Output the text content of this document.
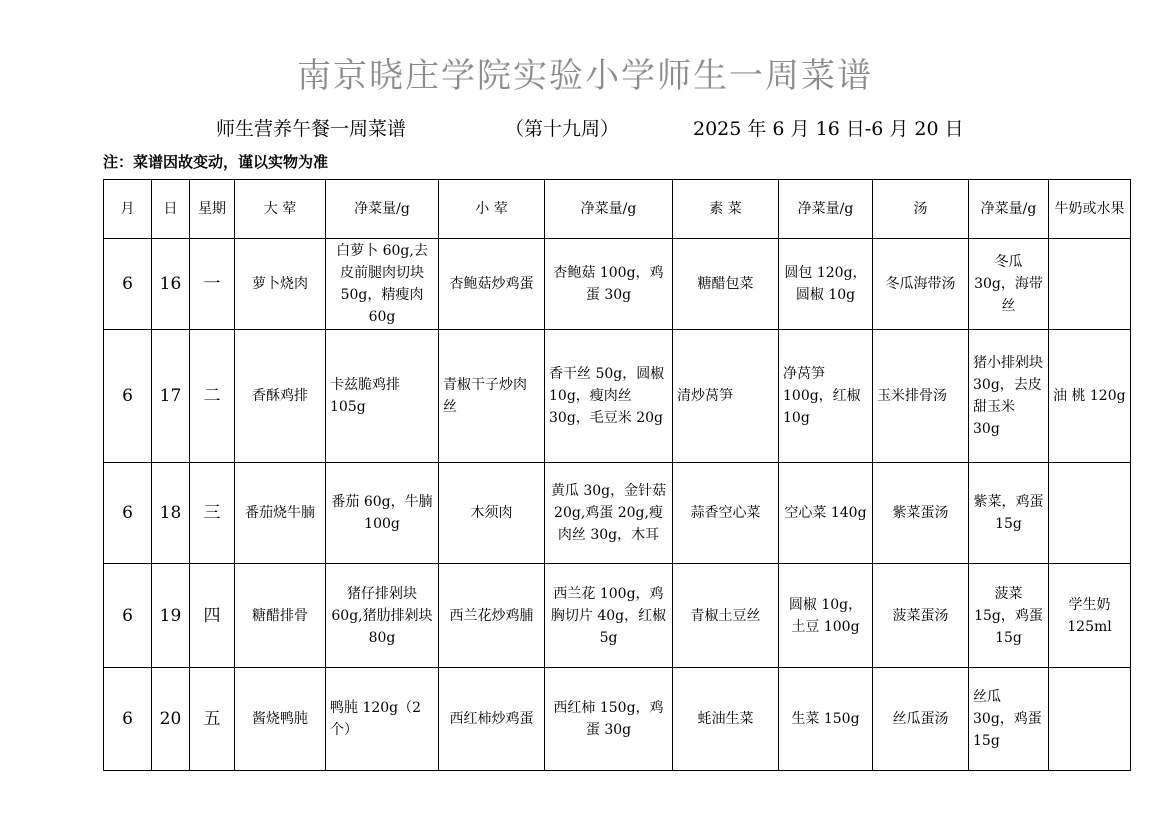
南京晓庄学院实验小学师生一周菜谱
师生营养午餐一周菜谱	（第十九周）	2025 年 6 月 16 日-6 月 20 日
注：菜谱因故变动，谨以实物为准
月	日	星期	大 荤	净菜量/g	小 荤	净菜量/g	素 菜	净菜量/g	汤	净菜量/g	牛奶或水果
6	16	一	萝卜烧肉	白萝卜 60g,去皮前腿肉切块 50g，精瘦肉 60g	杏鲍菇炒鸡蛋	杏鲍菇 100g，鸡蛋 30g	糖醋包菜	圆包 120g，圆椒 10g	冬瓜海带汤	冬瓜 30g，海带丝	
6	17	二	香酥鸡排	卡兹脆鸡排 105g	青椒干子炒肉丝	香干丝 50g，圆椒 10g，瘦肉丝 30g，毛豆米 20g	清炒莴笋	净莴笋 100g，红椒 10g	玉米排骨汤	猪小排剁块 30g，去皮甜玉米 30g	油 桃 120g
6	18	三	番茄烧牛腩	番茄 60g，牛腩 100g	木须肉	黄瓜 30g，金针菇 20g,鸡蛋 20g,瘦肉丝 30g，木耳	蒜香空心菜	空心菜 140g	紫菜蛋汤	紫菜，鸡蛋 15g	
6	19	四	糖醋排骨	猪仔排剁块 60g,猪肋排剁块 80g	西兰花炒鸡脯	西兰花 100g，鸡胸切片 40g，红椒 5g	青椒土豆丝	圆椒 10g，土豆 100g	菠菜蛋汤	菠菜 15g，鸡蛋 15g	学生奶 125ml
6	20	五	酱烧鸭肫	鸭肫 120g（2个）	西红柿炒鸡蛋	西红柿 150g，鸡蛋 30g	蚝油生菜	生菜 150g	丝瓜蛋汤	丝瓜 30g，鸡蛋 15g	
